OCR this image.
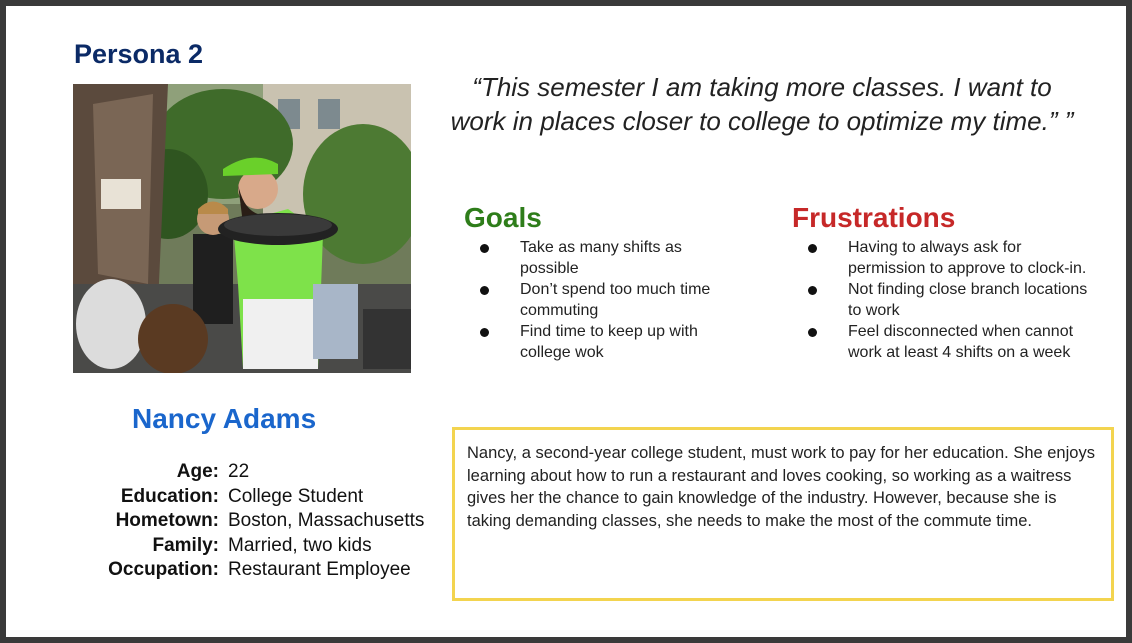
Persona 2
“This semester I am taking more classes. I want to work in places closer to college to optimize my time.” ”
Goals
Take as many shifts as possible
Don’t spend too much time commuting
Find time to keep up with college wok
Frustrations
Having to always ask for permission to approve to clock-in.
Not finding close branch locations to work
Feel disconnected when cannot work at least 4 shifts on a week
Nancy Adams
Age: 22
Education: College Student
Hometown: Boston, Massachusetts
Family: Married, two kids
Occupation: Restaurant Employee
Nancy, a second-year college student, must work to pay for her education. She enjoys learning about how to run a restaurant and loves cooking, so working as a waitress gives her the chance to gain knowledge of the industry. However, because she is taking demanding classes, she needs to make the most of the commute time.
